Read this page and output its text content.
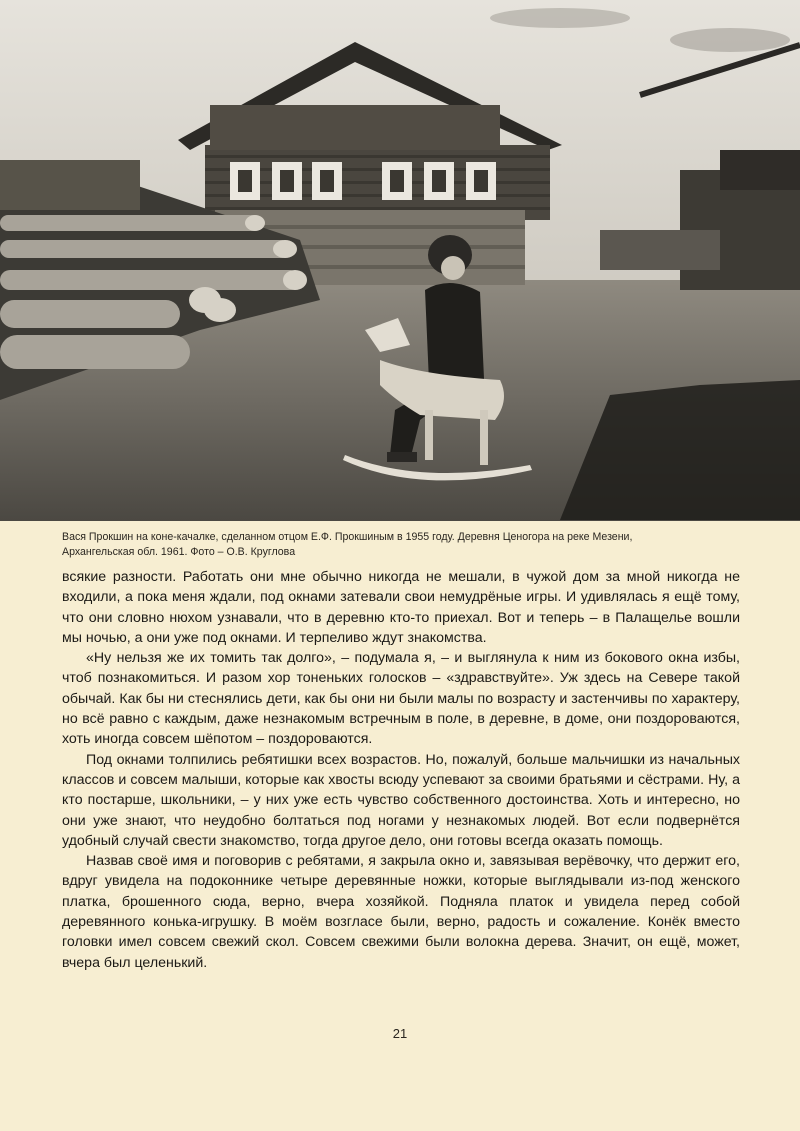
Вася Прокшин на коне-качалке, сделанном отцом Е.Ф. Прокшиным в 1955 году. Деревня Ценогора на реке Мезени,
Архангельская обл. 1961. Фото – О.В. Круглова

всякие разности. Работать они мне обычно никогда не мешали, в чужой дом за мной никогда не входили, а пока меня ждали, под окнами затевали свои немудрёные игры. И удивлялась я ещё тому, что они словно нюхом узнавали, что в деревню кто-то приехал. Вот и теперь – в Палащелье вошли мы ночью, а они уже под окнами. И терпеливо ждут знакомства.

«Ну нельзя же их томить так долго», – подумала я, – и выглянула к ним из бокового окна избы, чтоб познакомиться. И разом хор тоненьких голосков – «здравствуйте». Уж здесь на Севере такой обычай. Как бы ни стеснялись дети, как бы они ни были малы по возрасту и застенчивы по характеру, но всё равно с каждым, даже незнакомым встречным в поле, в деревне, в доме, они поздороваются, хоть иногда совсем шёпотом – поздороваются.

Под окнами толпились ребятишки всех возрастов. Но, пожалуй, больше мальчишки из начальных классов и совсем малыши, которые как хвосты всюду успевают за своими братьями и сёстрами. Ну, а кто постарше, школьники, – у них уже есть чувство собственного достоинства. Хоть и интересно, но они уже знают, что неудобно болтаться под ногами у незнакомых людей. Вот если подвернётся удобный случай свести знакомство, тогда другое дело, они готовы всегда оказать помощь.

Назвав своё имя и поговорив с ребятами, я закрыла окно и, завязывая верёвочку, что держит его, вдруг увидела на подоконнике четыре деревянные ножки, которые выглядывали из-под женского платка, брошенного сюда, верно, вчера хозяйкой. Подняла платок и увидела перед собой деревянного конька-игрушку. В моём возгласе были, верно, радость и сожаление. Конёк вместо головки имел совсем свежий скол. Совсем свежими были волокна дерева. Значит, он ещё, может, вчера был целенький.

21
